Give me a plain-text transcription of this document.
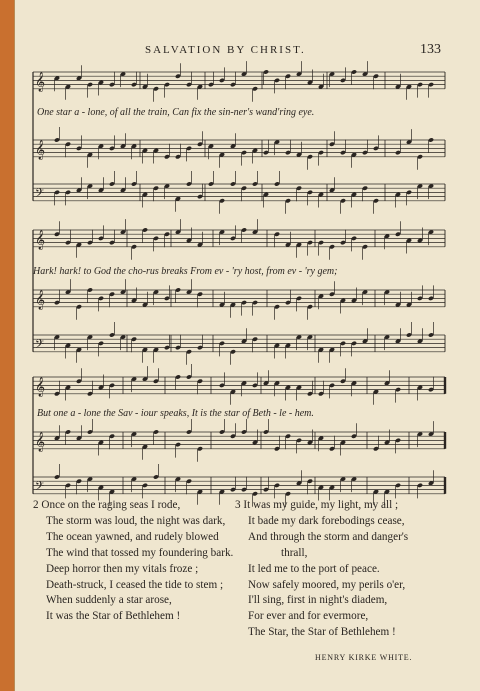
SALVATION BY CHRIST.	133
𝄞
𝄞
𝄢
𝄞
𝄞
𝄢
𝄞
𝄞
𝄢
One star a - lone, of all the train, Can fix the sin-ner's wand'ring eye.
Hark! hark! to God the cho-rus breaks From ev - 'ry host, from ev - 'ry gem;
But one a - lone the Sav - iour speaks, It is the star of Beth - le - hem.
2 Once on the raging seas I rode,
The storm was loud, the night was dark,
The ocean yawned, and rudely blowed
The wind that tossed my foundering bark.
Deep horror then my vitals froze ;
Death-struck, I ceased the tide to stem ;
When suddenly a star arose,
It was the Star of Bethlehem !
3 It was my guide, my light, my all ;
It bade my dark forebodings cease,
And through the storm and danger's
thrall,
It led me to the port of peace.
Now safely moored, my perils o'er,
I'll sing, first in night's diadem,
For ever and for evermore,
The Star, the Star of Bethlehem !
HENRY KIRKE WHITE.
